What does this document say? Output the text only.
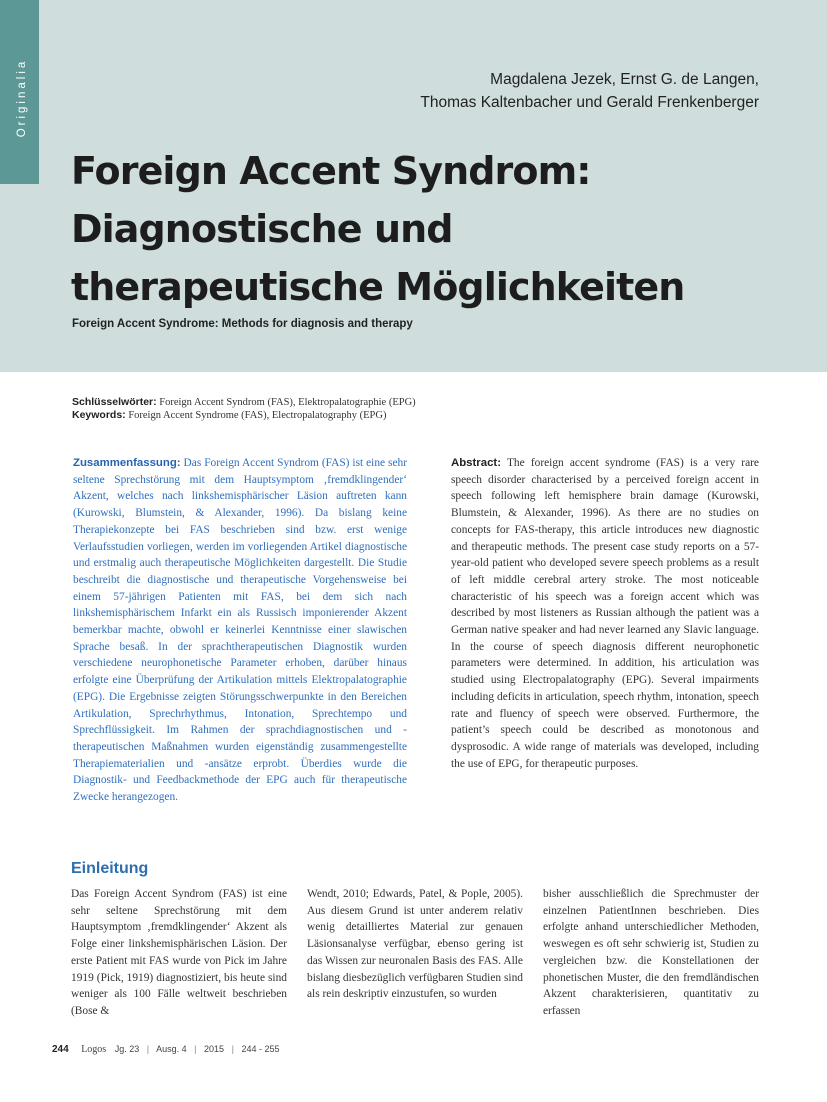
Originalia	Magdalena Jezek, Ernst G. de Langen,
Thomas Kaltenbacher und Gerald Frenkenberger
Foreign Accent Syndrom:
Diagnostische und
therapeutische Möglichkeiten
Foreign Accent Syndrome: Methods for diagnosis and therapy
Schlüsselwörter: Foreign Accent Syndrom (FAS), Elektropalatographie (EPG)
Keywords: Foreign Accent Syndrome (FAS), Electropalatography (EPG)
Zusammenfassung: Das Foreign Accent Syndrom (FAS) ist eine sehr seltene Sprechstörung mit dem Hauptsymptom ‚fremdklingender‘ Akzent, welches nach linkshemisphärischer Läsion auftreten kann (Kurowski, Blumstein, & Alexander, 1996). Da bislang keine Therapiekonzepte bei FAS beschrieben sind bzw. erst wenige Verlaufsstudien vorliegen, werden im vorliegenden Artikel diagnostische und erstmalig auch therapeutische Möglichkeiten dargestellt. Die Studie beschreibt die diagnostische und therapeutische Vorgehensweise bei einem 57-jährigen Patienten mit FAS, bei dem sich nach linkshemisphärischem Infarkt ein als Russisch imponierender Akzent bemerkbar machte, obwohl er keinerlei Kenntnisse einer slawischen Sprache besaß. In der sprachtherapeutischen Diagnostik wurden verschiedene neurophonetische Parameter erhoben, darüber hinaus erfolgte eine Überprüfung der Artikulation mittels Elektropalatographie (EPG). Die Ergebnisse zeigten Störungsschwerpunkte in den Bereichen Artikulation, Sprechrhythmus, Intonation, Sprechtempo und Sprechflüssigkeit. Im Rahmen der sprachdiagnostischen und -therapeutischen Maßnahmen wurden eigenständig zusammengestellte Therapiematerialien und -ansätze erprobt. Überdies wurde die Diagnostik- und Feedbackmethode der EPG auch für therapeutische Zwecke herangezogen.
Abstract: The foreign accent syndrome (FAS) is a very rare speech disorder characterised by a perceived foreign accent in speech following left hemisphere brain damage (Kurowski, Blumstein, & Alexander, 1996). As there are no studies on concepts for FAS-therapy, this article introduces new diagnostic and therapeutic methods. The present case study reports on a 57-year-old patient who developed severe speech problems as a result of left middle cerebral artery stroke. The most noticeable characteristic of his speech was a foreign accent which was described by most listeners as Russian although the patient was a German native speaker and had never learned any Slavic language. In the course of speech diagnosis different neurophonetic parameters were determined. In addition, his articulation was studied using Electropalatography (EPG). Several impairments including deficits in articulation, speech rhythm, intonation, speech rate and fluency of speech were observed. Furthermore, the patient’s speech could be described as monotonous and dysprosodic. A wide range of materials was developed, including the use of EPG, for therapeutic purposes.
Einleitung
Das Foreign Accent Syndrom (FAS) ist eine sehr seltene Sprechstörung mit dem Hauptsymptom ‚fremdklingender‘ Akzent als Folge einer linkshemisphärischen Läsion. Der erste Patient mit FAS wurde von Pick im Jahre 1919 (Pick, 1919) diagnostiziert, bis heute sind weniger als 100 Fälle weltweit beschrieben (Bose &
Wendt, 2010; Edwards, Patel, & Pople, 2005). Aus diesem Grund ist unter anderem relativ wenig detailliertes Material zur genauen Läsionsanalyse verfügbar, ebenso gering ist das Wissen zur neuronalen Basis des FAS. Alle bislang diesbezüglich verfügbaren Studien sind als rein deskriptiv einzustufen, so wurden
bisher ausschließlich die Sprechmuster der einzelnen PatientInnen beschrieben. Dies erfolgte anhand unterschiedlicher Methoden, weswegen es oft sehr schwierig ist, Studien zu vergleichen bzw. die Konstellationen der phonetischen Muster, die den fremdländischen Akzent charakterisieren, quantitativ zu erfassen
244 Logos Jg. 23 | Ausg. 4 | 2015 | 244 - 255
